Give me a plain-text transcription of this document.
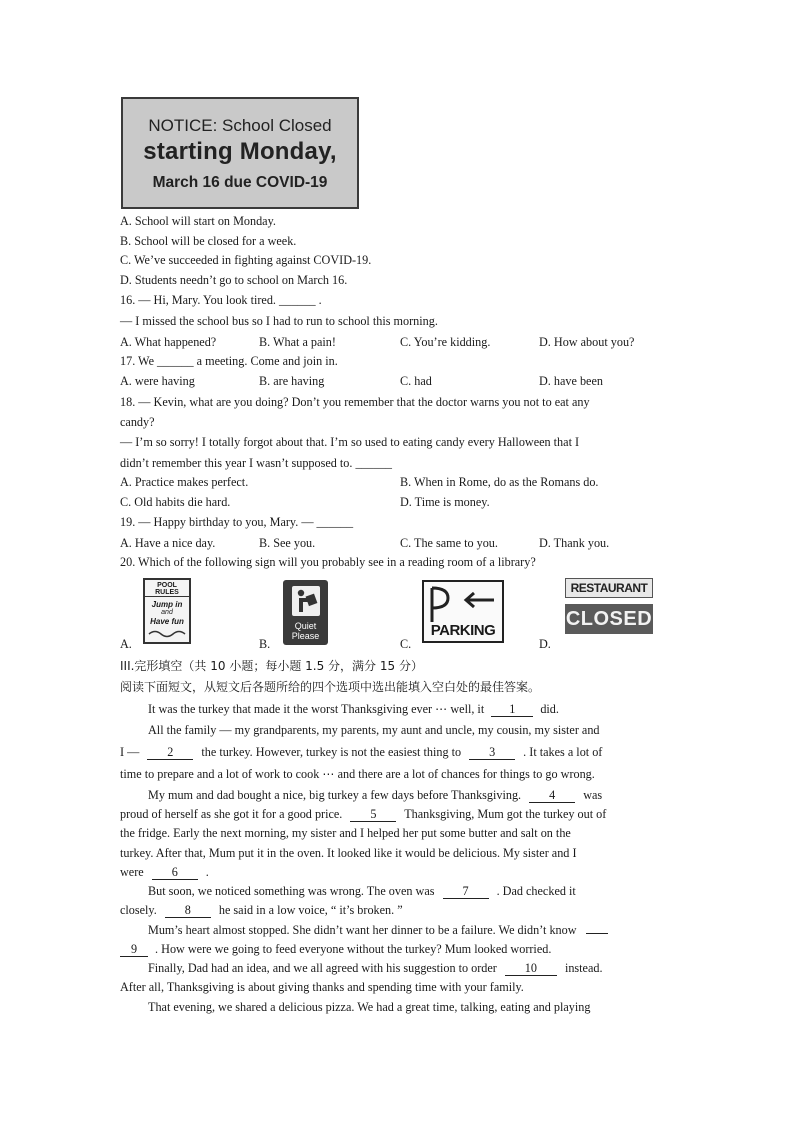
NOTICE: School Closed
starting Monday,
March 16 due COVID-19
A. School will start on Monday.
B. School will be closed for a week.
C. We’ve succeeded in fighting against COVID-19.
D. Students needn’t go to school on March 16.
16. — Hi, Mary. You look tired. ______ .
— I missed the school bus so I had to run to school this morning.
A. What happened?	B. What a pain!	C. You’re kidding.	D. How about you?
17. We ______ a meeting. Come and join in.
A. were having	B. are having	C. had	D. have been
18. — Kevin, what are you doing? Don’t you remember that the doctor warns you not to eat any
candy?
— I’m so sorry! I totally forgot about that. I’m so used to eating candy every Halloween that I
didn’t remember this year I wasn’t supposed to. ______
A. Practice makes perfect.	B. When in Rome, do as the Romans do.
C. Old habits die hard.	D. Time is money.
19. — Happy birthday to you, Mary. — ______
A. Have a nice day.	B. See you.	C. The same to you.	D. Thank you.
20. Which of the following sign will you probably see in a reading room of a library?
A.	B.	C.	D.
POOL RULES
Jump in
and
Have fun	Quiet
Please	PARKING
RESTAURANT
CLOSED
III.完形填空（共 10 小题；每小题 1.5 分，满分 15 分）
阅读下面短文，从短文后各题所给的四个选项中选出能填入空白处的最佳答案。
It was the turkey that made it the worst Thanksgiving ever ⋯ well, it 1 did.
All the family — my grandparents, my parents, my aunt and uncle, my cousin, my sister and
I — 2 the turkey. However, turkey is not the easiest thing to 3 . It takes a lot of
time to prepare and a lot of work to cook ⋯ and there are a lot of chances for things to go wrong.
My mum and dad bought a nice, big turkey a few days before Thanksgiving. 4 was
proud of herself as she got it for a good price. 5 Thanksgiving, Mum got the turkey out of
the fridge. Early the next morning, my sister and I helped her put some butter and salt on the
turkey. After that, Mum put it in the oven. It looked like it would be delicious. My sister and I
were 6 .
But soon, we noticed something was wrong. The oven was 7 . Dad checked it
closely. 8 he said in a low voice, “ it’s broken. ”
Mum’s heart almost stopped. She didn’t want her dinner to be a failure. We didn’t know
9 . How were we going to feed everyone without the turkey? Mum looked worried.
Finally, Dad had an idea, and we all agreed with his suggestion to order 10 instead.
After all, Thanksgiving is about giving thanks and spending time with your family.
That evening, we shared a delicious pizza. We had a great time, talking, eating and playing
